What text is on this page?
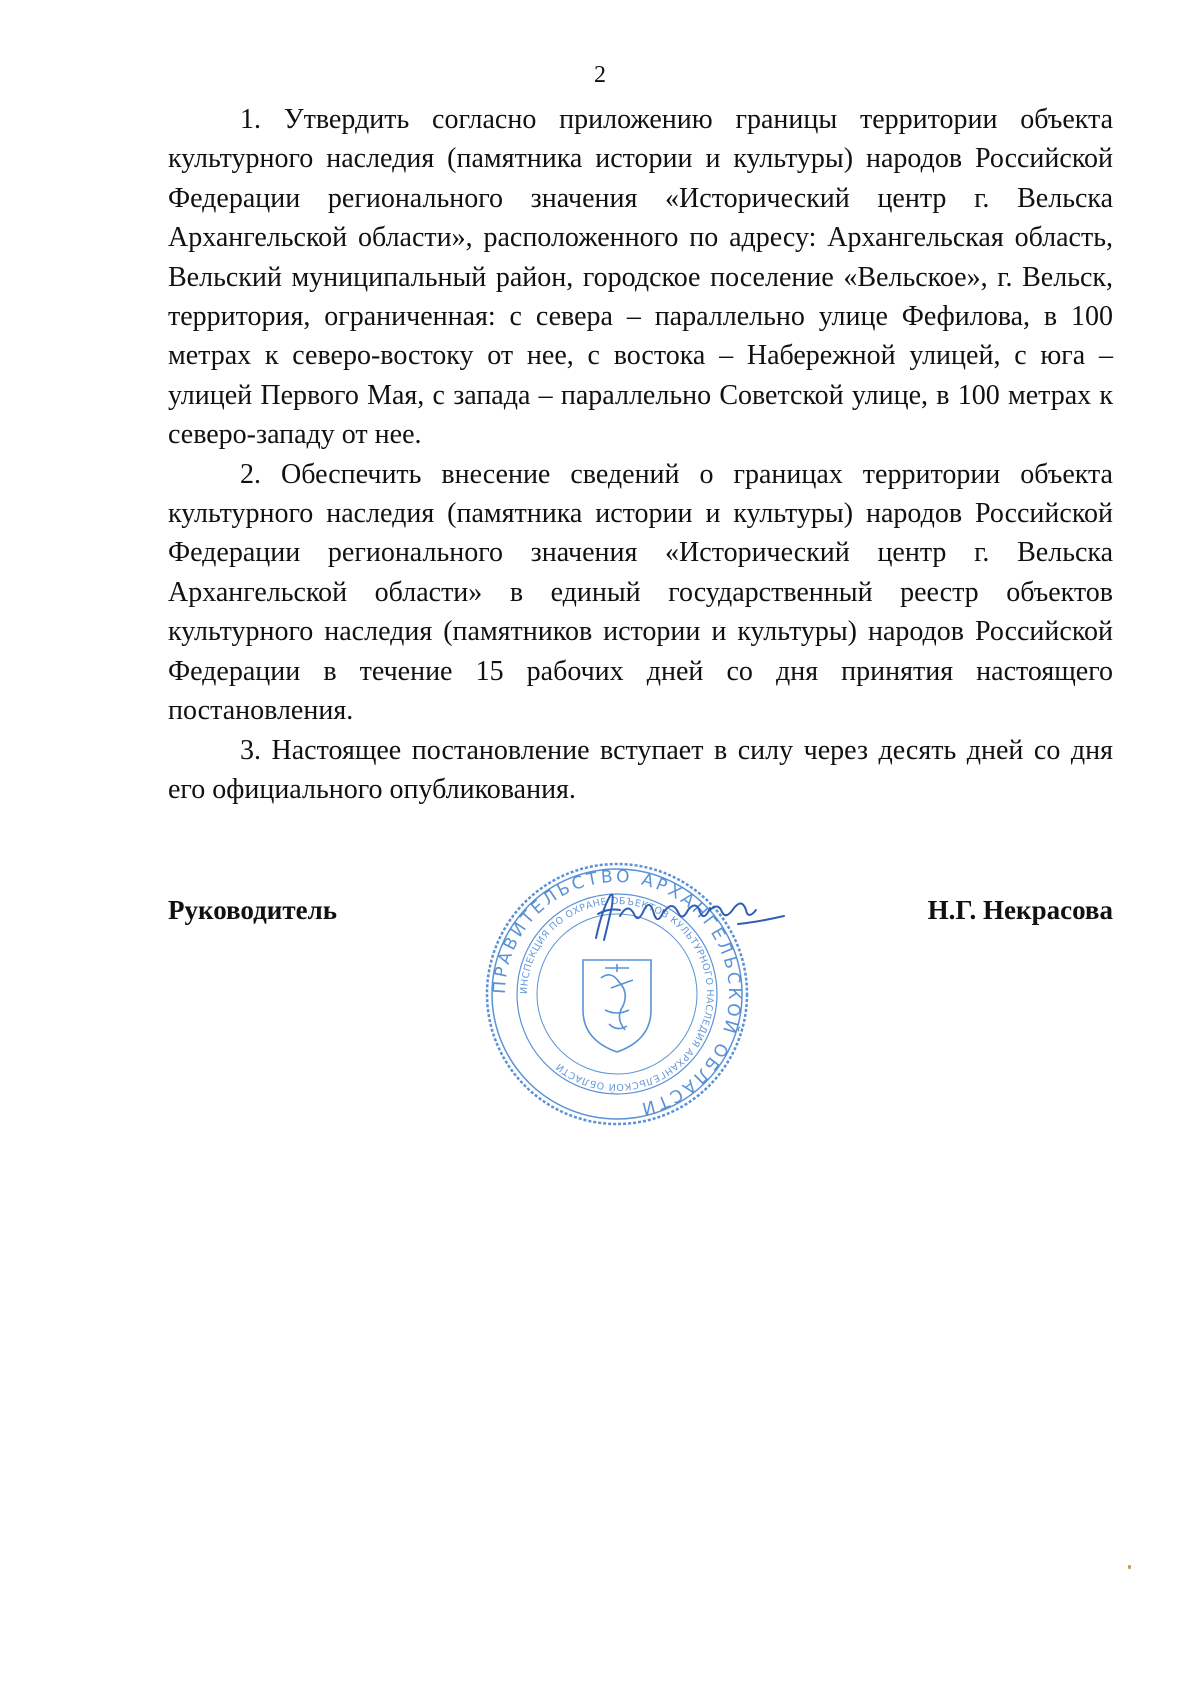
2

1. Утвердить согласно приложению границы территории объекта культурного наследия (памятника истории и культуры) народов Российской Федерации регионального значения «Исторический центр г. Вельска Архангельской области», расположенного по адресу: Архангельская область, Вельский муниципальный район, городское поселение «Вельское», г. Вельск, территория, ограниченная: с севера – параллельно улице Фефилова, в 100 метрах к северо-востоку от нее, с востока – Набережной улицей, с юга – улицей Первого Мая, с запада – параллельно Советской улице, в 100 метрах к северо-западу от нее.

2. Обеспечить внесение сведений о границах территории объекта культурного наследия (памятника истории и культуры) народов Российской Федерации регионального значения «Исторический центр г. Вельска Архангельской области» в единый государственный реестр объектов культурного наследия (памятников истории и культуры) народов Российской Федерации в течение 15 рабочих дней со дня принятия настоящего постановления.

3. Настоящее постановление вступает в силу через десять дней со дня его официального опубликования.

Руководитель	Н.Г. Некрасова
ПРАВИТЕЛЬСТВО АРХАНГЕЛЬСКОЙ ОБЛАСТИ
ИНСПЕКЦИЯ ПО ОХРАНЕ ОБЪЕКТОВ КУЛЬТУРНОГО НАСЛЕДИЯ АРХАНГЕЛЬСКОЙ ОБЛАСТИ
